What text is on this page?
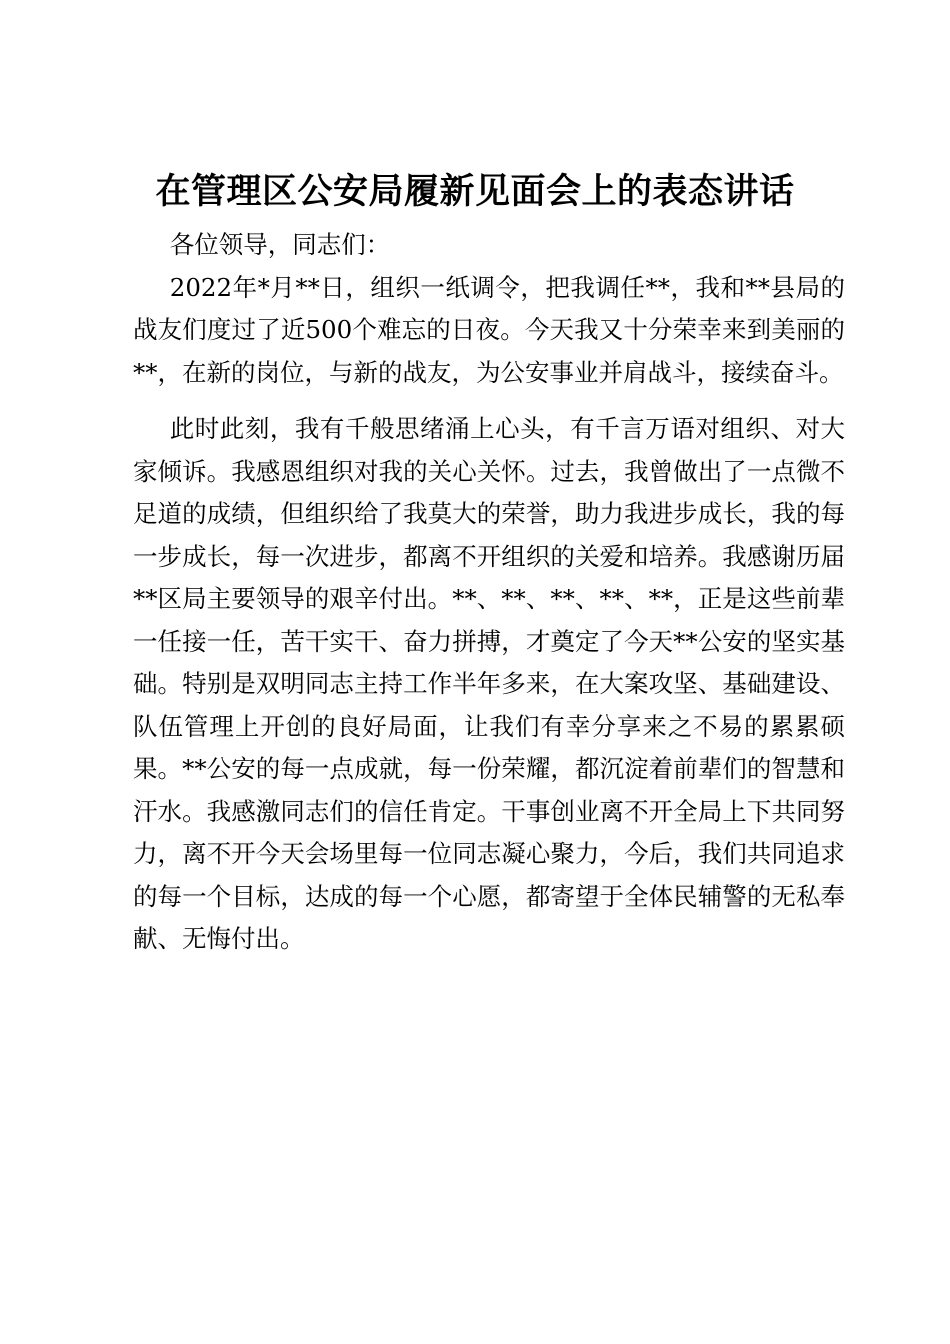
在管理区公安局履新见面会上的表态讲话

各位领导，同志们：

2022年*月**日，组织一纸调令，把我调任**，我和**县局的战友们度过了近500个难忘的日夜。今天我又十分荣幸来到美丽的**，在新的岗位，与新的战友，为公安事业并肩战斗，接续奋斗。

此时此刻，我有千般思绪涌上心头，有千言万语对组织、对大家倾诉。我感恩组织对我的关心关怀。过去，我曾做出了一点微不足道的成绩，但组织给了我莫大的荣誉，助力我进步成长，我的每一步成长，每一次进步，都离不开组织的关爱和培养。我感谢历届**区局主要领导的艰辛付出。**、**、**、**、**，正是这些前辈一任接一任，苦干实干、奋力拼搏，才奠定了今天**公安的坚实基础。特别是双明同志主持工作半年多来，在大案攻坚、基础建设、队伍管理上开创的良好局面，让我们有幸分享来之不易的累累硕果。**公安的每一点成就，每一份荣耀，都沉淀着前辈们的智慧和汗水。我感激同志们的信任肯定。干事创业离不开全局上下共同努力，离不开今天会场里每一位同志凝心聚力，今后，我们共同追求的每一个目标，达成的每一个心愿，都寄望于全体民辅警的无私奉献、无悔付出。
